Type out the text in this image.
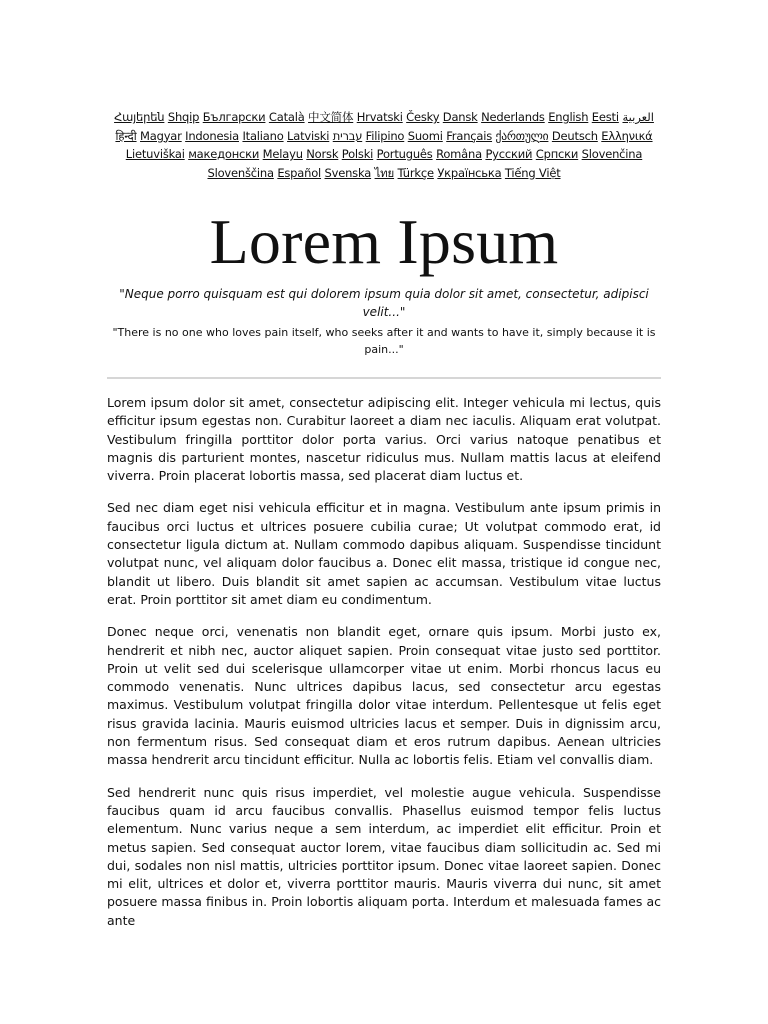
Հայերեն Shqip	‫العربية Български Català 中文简体 Hrvatski Česky Dansk Nederlands English Eesti Filipino Suomi Français ქართული Deutsch Ελληνικά ‫עברית हिन्दी Magyar Indonesia Italiano Latviski Lietuviškai македонски Melayu Norsk Polski Português Româna Pyccкий Српски Slovenčina Slovenščina Español Svenska ไทย Türkçe Українська Tiếng Việt
Lorem Ipsum

"Neque porro quisquam est qui dolorem ipsum quia dolor sit amet, consectetur, adipisci velit..."

"There is no one who loves pain itself, who seeks after it and wants to have it, simply because it is pain..."

Lorem ipsum dolor sit amet, consectetur adipiscing elit. Integer vehicula mi lectus, quis efficitur ipsum egestas non. Curabitur laoreet a diam nec iaculis. Aliquam erat volutpat. Vestibulum fringilla porttitor dolor porta varius. Orci varius natoque penatibus et magnis dis parturient montes, nascetur ridiculus mus. Nullam mattis lacus at eleifend viverra. Proin placerat lobortis massa, sed placerat diam luctus et.

Sed nec diam eget nisi vehicula efficitur et in magna. Vestibulum ante ipsum primis in faucibus orci luctus et ultrices posuere cubilia curae; Ut volutpat commodo erat, id consectetur ligula dictum at. Nullam commodo dapibus aliquam. Suspendisse tincidunt volutpat nunc, vel aliquam dolor faucibus a. Donec elit massa, tristique id congue nec, blandit ut libero. Duis blandit sit amet sapien ac accumsan. Vestibulum vitae luctus erat. Proin porttitor sit amet diam eu condimentum.

Donec neque orci, venenatis non blandit eget, ornare quis ipsum. Morbi justo ex, hendrerit et nibh nec, auctor aliquet sapien. Proin consequat vitae justo sed porttitor. Proin ut velit sed dui scelerisque ullamcorper vitae ut enim. Morbi rhoncus lacus eu commodo venenatis. Nunc ultrices dapibus lacus, sed consectetur arcu egestas maximus. Vestibulum volutpat fringilla dolor vitae interdum. Pellentesque ut felis eget risus gravida lacinia. Mauris euismod ultricies lacus et semper. Duis in dignissim arcu, non fermentum risus. Sed consequat diam et eros rutrum dapibus. Aenean ultricies massa hendrerit arcu tincidunt efficitur. Nulla ac lobortis felis. Etiam vel convallis diam.

Sed hendrerit nunc quis risus imperdiet, vel molestie augue vehicula. Suspendisse faucibus quam id arcu faucibus convallis. Phasellus euismod tempor felis luctus elementum. Nunc varius neque a sem interdum, ac imperdiet elit efficitur. Proin et metus sapien. Sed consequat auctor lorem, vitae faucibus diam sollicitudin ac. Sed mi dui, sodales non nisl mattis, ultricies porttitor ipsum. Donec vitae laoreet sapien. Donec mi elit, ultrices et dolor et, viverra porttitor mauris. Mauris viverra dui nunc, sit amet posuere massa finibus in. Proin lobortis aliquam porta. Interdum et malesuada fames ac ante
